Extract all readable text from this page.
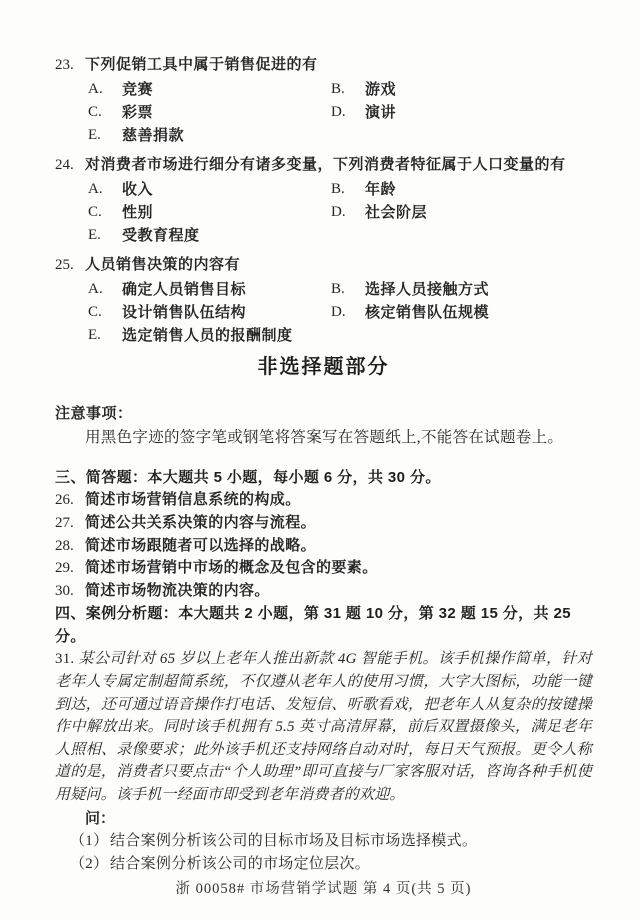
23. 下列促销工具中属于销售促进的有
A.	竞赛	B.	游戏
C.	彩票	D.	演讲
E.	慈善捐款
24. 对消费者市场进行细分有诸多变量，下列消费者特征属于人口变量的有
A.	收入	B.	年龄
C.	性别	D.	社会阶层
E.	受教育程度
25. 人员销售决策的内容有
A.	确定人员销售目标	B.	选择人员接触方式
C.	设计销售队伍结构	D.	核定销售队伍规模
E.	选定销售人员的报酬制度
非选择题部分
注意事项：
用黑色字迹的签字笔或钢笔将答案写在答题纸上,不能答在试题卷上。
三、简答题：本大题共 5 小题，每小题 6 分，共 30 分。
26. 简述市场营销信息系统的构成。
27. 简述公共关系决策的内容与流程。
28. 简述市场跟随者可以选择的战略。
29. 简述市场营销中市场的概念及包含的要素。
30. 简述市场物流决策的内容。
四、案例分析题：本大题共 2 小题，第 31 题 10 分，第 32 题 15 分，共 25 分。

31. 某公司针对 65 岁以上老年人推出新款 4G 智能手机。该手机操作简单，针对老年人专属定制超简系统，不仅遵从老年人的使用习惯，大字大图标，功能一键到达，还可通过语音操作打电话、发短信、听歌看戏，把老年人从复杂的按键操作中解放出来。同时该手机拥有 5.5 英寸高清屏幕，前后双置摄像头，满足老年人照相、录像要求；此外该手机还支持网络自动对时，每日天气预报。更令人称道的是，消费者只要点击“个人助理”即可直接与厂家客服对话，咨询各种手机使用疑问。该手机一经面市即受到老年消费者的欢迎。

问：
（1） 结合案例分析该公司的目标市场及目标市场选择模式。
（2） 结合案例分析该公司的市场定位层次。
浙 00058# 市场营销学试题 第 4 页(共 5 页)
